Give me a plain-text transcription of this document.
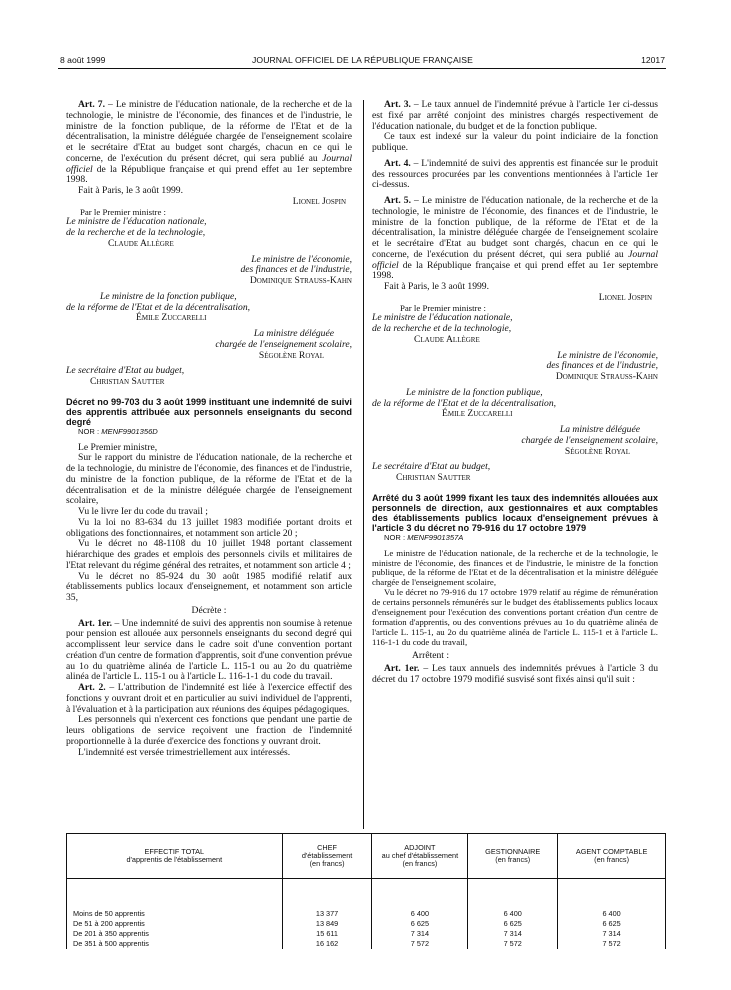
8 août 1999	JOURNAL OFFICIEL DE LA RÉPUBLIQUE FRANÇAISE	12017

Art. 7. – Le ministre de l'éducation nationale, de la recherche et de la technologie, le ministre de l'économie, des finances et de l'industrie, le ministre de la fonction publique, de la réforme de l'Etat et de la décentralisation, la ministre déléguée chargée de l'enseignement scolaire et le secrétaire d'Etat au budget sont chargés, chacun en ce qui le concerne, de l'exécution du présent décret, qui sera publié au Journal officiel de la République française et qui prend effet au 1er septembre 1998.

Fait à Paris, le 3 août 1999.

Lionel Jospin
Par le Premier ministre :
Le ministre de l'éducation nationale,
de la recherche et de la technologie,
Claude Allègre
Le ministre de l'économie,
des finances et de l'industrie,
Dominique Strauss-Kahn
Le ministre de la fonction publique,
de la réforme de l'Etat et de la décentralisation,
Émile Zuccarelli
La ministre déléguée
chargée de l'enseignement scolaire,
Ségolène Royal
Le secrétaire d'Etat au budget,
Christian Sautter

Décret no 99-703 du 3 août 1999 instituant une indemnité de suivi des apprentis attribuée aux personnels enseignants du second degré

NOR : MENF9901356D

Le Premier ministre,

Sur le rapport du ministre de l'éducation nationale, de la recherche et de la technologie, du ministre de l'économie, des finances et de l'industrie, du ministre de la fonction publique, de la réforme de l'Etat et de la décentralisation et de la ministre déléguée chargée de l'enseignement scolaire,

Vu le livre Ier du code du travail ;

Vu la loi no 83-634 du 13 juillet 1983 modifiée portant droits et obligations des fonctionnaires, et notamment son article 20 ;

Vu le décret no 48-1108 du 10 juillet 1948 portant classement hiérarchique des grades et emplois des personnels civils et militaires de l'Etat relevant du régime général des retraites, et notamment son article 4 ;

Vu le décret no 85-924 du 30 août 1985 modifié relatif aux établissements publics locaux d'enseignement, et notamment son article 35,

Décrète :

Art. 1er. – Une indemnité de suivi des apprentis non soumise à retenue pour pension est allouée aux personnels enseignants du second degré qui accomplissent leur service dans le cadre soit d'une convention portant création d'un centre de formation d'apprentis, soit d'une convention prévue au 1o du quatrième alinéa de l'article L. 115-1 ou au 2o du quatrième alinéa de l'article L. 115-1 ou à l'article L. 116-1-1 du code du travail.

Art. 2. – L'attribution de l'indemnité est liée à l'exercice effectif des fonctions y ouvrant droit et en particulier au suivi individuel de l'apprenti, à l'évaluation et à la participation aux réunions des équipes pédagogiques.

Les personnels qui n'exercent ces fonctions que pendant une partie de leurs obligations de service reçoivent une fraction de l'indemnité proportionnelle à la durée d'exercice des fonctions y ouvrant droit.

L'indemnité est versée trimestriellement aux intéressés.

Art. 3. – Le taux annuel de l'indemnité prévue à l'article 1er ci-dessus est fixé par arrêté conjoint des ministres chargés respectivement de l'éducation nationale, du budget et de la fonction publique.

Ce taux est indexé sur la valeur du point indiciaire de la fonction publique.

Art. 4. – L'indemnité de suivi des apprentis est financée sur le produit des ressources procurées par les conventions mentionnées à l'article 1er ci-dessus.

Art. 5. – Le ministre de l'éducation nationale, de la recherche et de la technologie, le ministre de l'économie, des finances et de l'industrie, le ministre de la fonction publique, de la réforme de l'Etat et de la décentralisation, la ministre déléguée chargée de l'enseignement scolaire et le secrétaire d'Etat au budget sont chargés, chacun en ce qui le concerne, de l'exécution du présent décret, qui sera publié au Journal officiel de la République française et qui prend effet au 1er septembre 1998.

Fait à Paris, le 3 août 1999.

Lionel Jospin
Par le Premier ministre :
Le ministre de l'éducation nationale,
de la recherche et de la technologie,
Claude Allègre
Le ministre de l'économie,
des finances et de l'industrie,
Dominique Strauss-Kahn
Le ministre de la fonction publique,
de la réforme de l'Etat et de la décentralisation,
Émile Zuccarelli
La ministre déléguée
chargée de l'enseignement scolaire,
Ségolène Royal
Le secrétaire d'Etat au budget,
Christian Sautter

Arrêté du 3 août 1999 fixant les taux des indemnités allouées aux personnels de direction, aux gestionnaires et aux comptables des établissements publics locaux d'enseignement prévues à l'article 3 du décret no 79-916 du 17 octobre 1979

NOR : MENF9901357A

Le ministre de l'éducation nationale, de la recherche et de la technologie, le ministre de l'économie, des finances et de l'industrie, le ministre de la fonction publique, de la réforme de l'Etat et de la décentralisation et la ministre déléguée chargée de l'enseignement scolaire,

Vu le décret no 79-916 du 17 octobre 1979 relatif au régime de rémunération de certains personnels rémunérés sur le budget des établissements publics locaux d'enseignement pour l'exécution des conventions portant création d'un centre de formation d'apprentis, ou des conventions prévues au 1o du quatrième alinéa de l'article L. 115-1, au 2o du quatrième alinéa de l'article L. 115-1 et à l'article L. 116-1-1 du code du travail,

Arrêtent :

Art. 1er. – Les taux annuels des indemnités prévues à l'article 3 du décret du 17 octobre 1979 modifié susvisé sont fixés ainsi qu'il suit :

EFFECTIF TOTAL
d'apprentis de l'établissement	CHEF
d'établissement
(en francs)	ADJOINT
au chef d'établissement
(en francs)	GESTIONNAIRE
(en francs)	AGENT COMPTABLE
(en francs)

Moins de 50 apprentis	13 377	6 400	6 400	6 400
De 51 à 200 apprentis	13 849	6 625	6 625	6 625
De 201 à 350 apprentis	15 611	7 314	7 314	7 314
De 351 à 500 apprentis	16 162	7 572	7 572	7 572
